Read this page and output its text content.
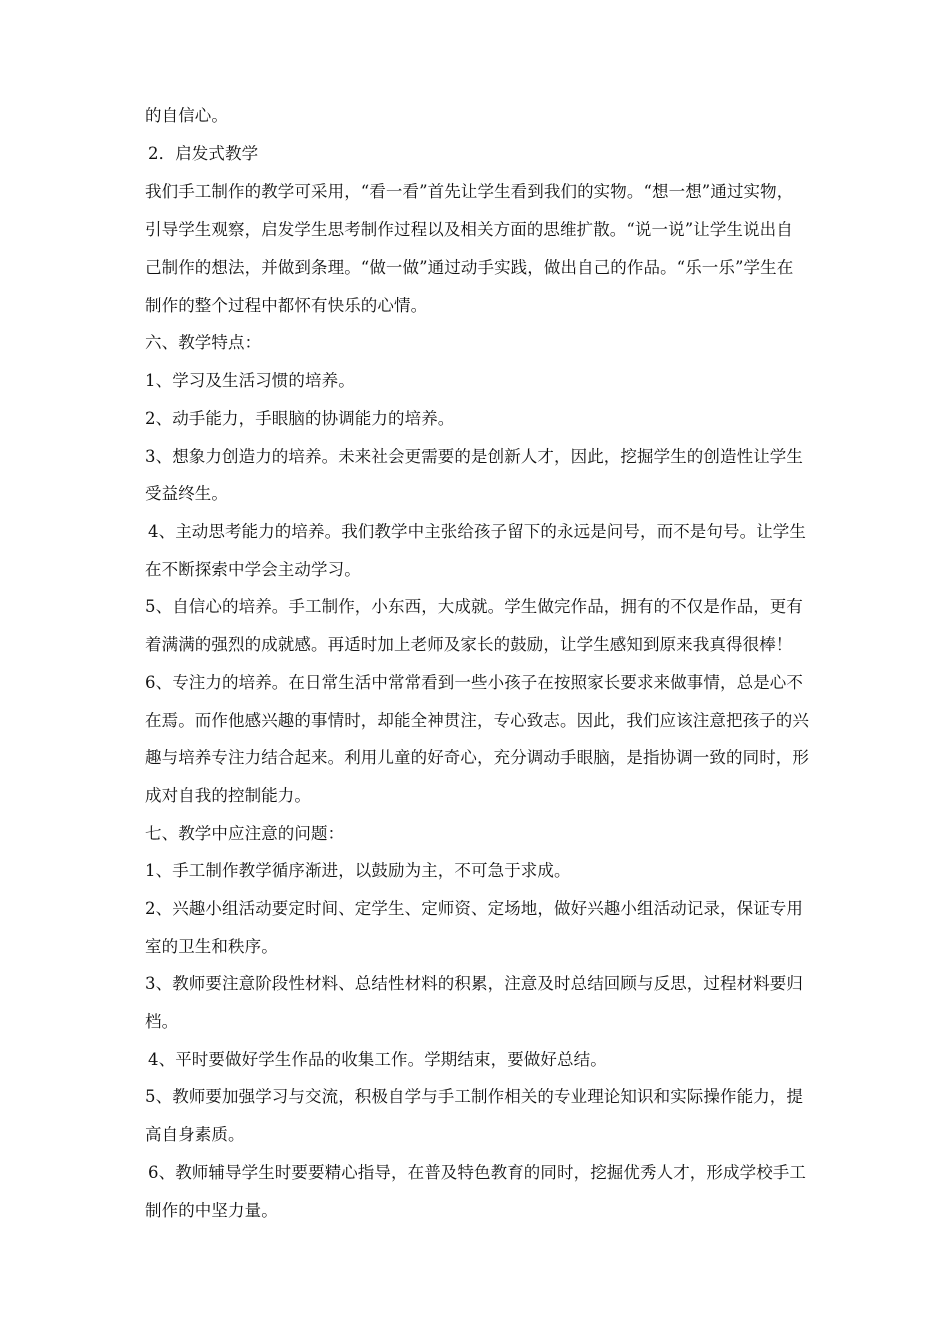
的自信心。
2．启发式教学
我们手工制作的教学可采用，“看一看”首先让学生看到我们的实物。“想一想”通过实物，
引导学生观察，启发学生思考制作过程以及相关方面的思维扩散。“说一说”让学生说出自
己制作的想法，并做到条理。“做一做”通过动手实践，做出自己的作品。“乐一乐”学生在
制作的整个过程中都怀有快乐的心情。
六、教学特点：
1、学习及生活习惯的培养。
2、动手能力，手眼脑的协调能力的培养。
3、想象力创造力的培养。未来社会更需要的是创新人才，因此，挖掘学生的创造性让学生
受益终生。
4、主动思考能力的培养。我们教学中主张给孩子留下的永远是问号，而不是句号。让学生
在不断探索中学会主动学习。
5、自信心的培养。手工制作，小东西，大成就。学生做完作品，拥有的不仅是作品，更有
着满满的强烈的成就感。再适时加上老师及家长的鼓励，让学生感知到原来我真得很棒！
6、专注力的培养。在日常生活中常常看到一些小孩子在按照家长要求来做事情，总是心不
在焉。而作他感兴趣的事情时，却能全神贯注，专心致志。因此，我们应该注意把孩子的兴
趣与培养专注力结合起来。利用儿童的好奇心，充分调动手眼脑，是指协调一致的同时，形
成对自我的控制能力。
七、教学中应注意的问题：
1、手工制作教学循序渐进，以鼓励为主，不可急于求成。
2、兴趣小组活动要定时间、定学生、定师资、定场地，做好兴趣小组活动记录，保证专用
室的卫生和秩序。
3、教师要注意阶段性材料、总结性材料的积累，注意及时总结回顾与反思，过程材料要归
档。
4、平时要做好学生作品的收集工作。学期结束，要做好总结。
5、教师要加强学习与交流，积极自学与手工制作相关的专业理论知识和实际操作能力，提
高自身素质。
6、教师辅导学生时要要精心指导，在普及特色教育的同时，挖掘优秀人才，形成学校手工
制作的中坚力量。
